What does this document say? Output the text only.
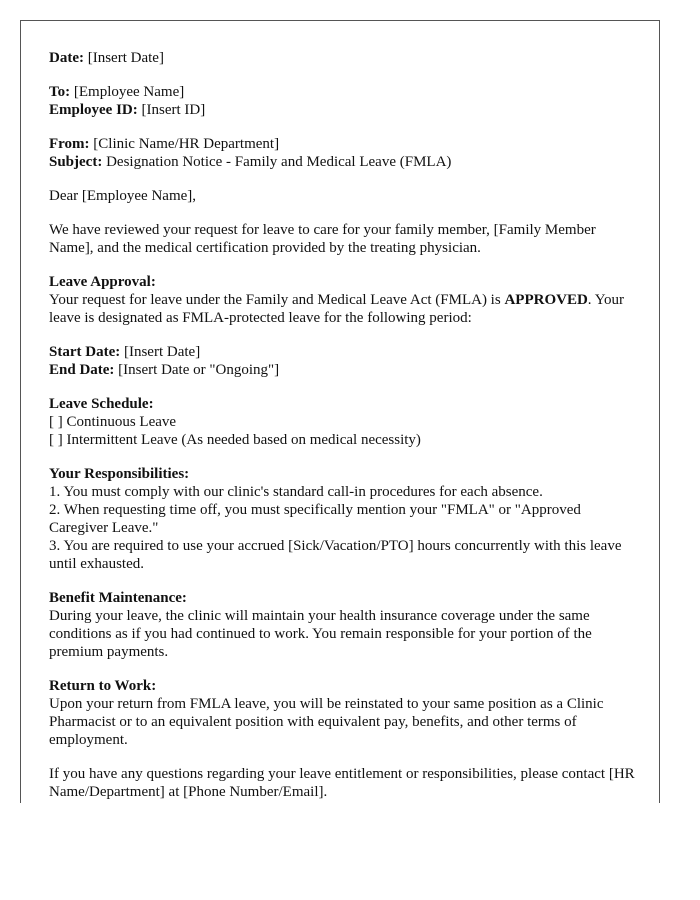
Date: [Insert Date]
To: [Employee Name]
Employee ID: [Insert ID]
From: [Clinic Name/HR Department]
Subject: Designation Notice - Family and Medical Leave (FMLA)

Dear [Employee Name],

We have reviewed your request for leave to care for your family member, [Family Member Name], and the medical certification provided by the treating physician.

Leave Approval:
Your request for leave under the Family and Medical Leave Act (FMLA) is APPROVED. Your leave is designated as FMLA-protected leave for the following period:
Start Date: [Insert Date]
End Date: [Insert Date or "Ongoing"]
Leave Schedule:
[ ] Continuous Leave
[ ] Intermittent Leave (As needed based on medical necessity)
Your Responsibilities:
1. You must comply with our clinic's standard call-in procedures for each absence.
2. When requesting time off, you must specifically mention your "FMLA" or "Approved Caregiver Leave."
3. You are required to use your accrued [Sick/Vacation/PTO] hours concurrently with this leave until exhausted.
Benefit Maintenance:
During your leave, the clinic will maintain your health insurance coverage under the same conditions as if you had continued to work. You remain responsible for your portion of the premium payments.
Return to Work:
Upon your return from FMLA leave, you will be reinstated to your same position as a Clinic Pharmacist or to an equivalent position with equivalent pay, benefits, and other terms of employment.

If you have any questions regarding your leave entitlement or responsibilities, please contact [HR Name/Department] at [Phone Number/Email].
